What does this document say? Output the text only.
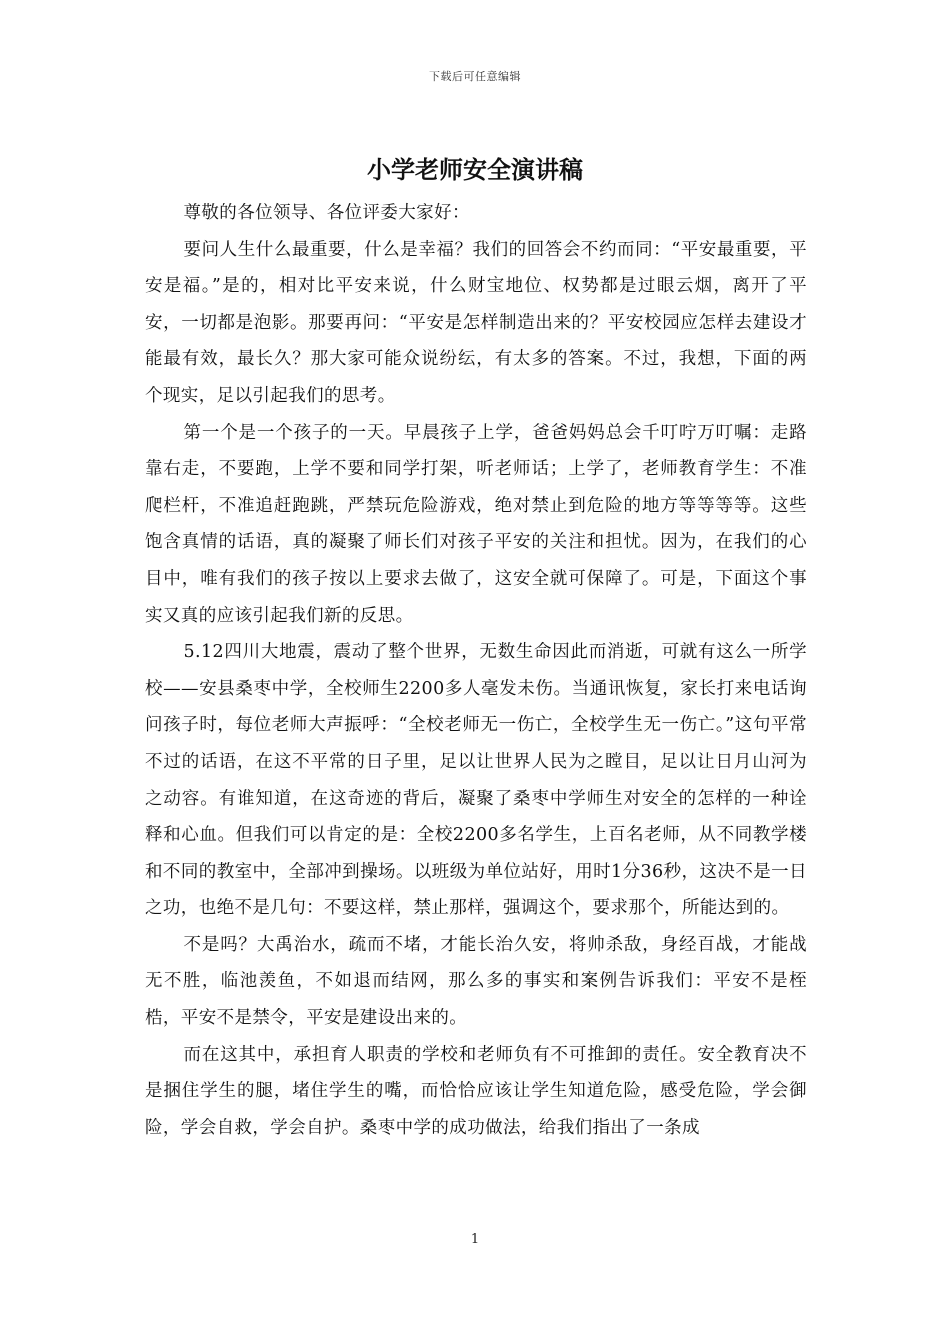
下载后可任意编辑
小学老师安全演讲稿

尊敬的各位领导、各位评委大家好：

要问人生什么最重要，什么是幸福？我们的回答会不约而同：“平安最重要，平安是福。”是的，相对比平安来说，什么财宝地位、权势都是过眼云烟，离开了平安，一切都是泡影。那要再问：“平安是怎样制造出来的？平安校园应怎样去建设才能最有效，最长久？那大家可能众说纷纭，有太多的答案。不过，我想，下面的两个现实，足以引起我们的思考。

第一个是一个孩子的一天。早晨孩子上学，爸爸妈妈总会千叮咛万叮嘱：走路靠右走，不要跑，上学不要和同学打架，听老师话；上学了，老师教育学生：不准爬栏杆，不准追赶跑跳，严禁玩危险游戏，绝对禁止到危险的地方等等等等。这些饱含真情的话语，真的凝聚了师长们对孩子平安的关注和担忧。因为，在我们的心目中，唯有我们的孩子按以上要求去做了，这安全就可保障了。可是，下面这个事实又真的应该引起我们新的反思。

5.12四川大地震，震动了整个世界，无数生命因此而消逝，可就有这么一所学校——安县桑枣中学，全校师生2200多人毫发未伤。当通讯恢复，家长打来电话询问孩子时，每位老师大声振呼：“全校老师无一伤亡，全校学生无一伤亡。”这句平常不过的话语，在这不平常的日子里，足以让世界人民为之瞠目，足以让日月山河为之动容。有谁知道，在这奇迹的背后，凝聚了桑枣中学师生对安全的怎样的一种诠释和心血。但我们可以肯定的是：全校2200多名学生，上百名老师，从不同教学楼和不同的教室中，全部冲到操场。以班级为单位站好，用时1分36秒，这决不是一日之功，也绝不是几句：不要这样，禁止那样，强调这个，要求那个，所能达到的。

不是吗？大禹治水，疏而不堵，才能长治久安，将帅杀敌，身经百战，才能战无不胜，临池羡鱼，不如退而结网，那么多的事实和案例告诉我们：平安不是桎梏，平安不是禁令，平安是建设出来的。

而在这其中，承担育人职责的学校和老师负有不可推卸的责任。安全教育决不是捆住学生的腿，堵住学生的嘴，而恰恰应该让学生知道危险，感受危险，学会御险，学会自救，学会自护。桑枣中学的成功做法，给我们指出了一条成

1
